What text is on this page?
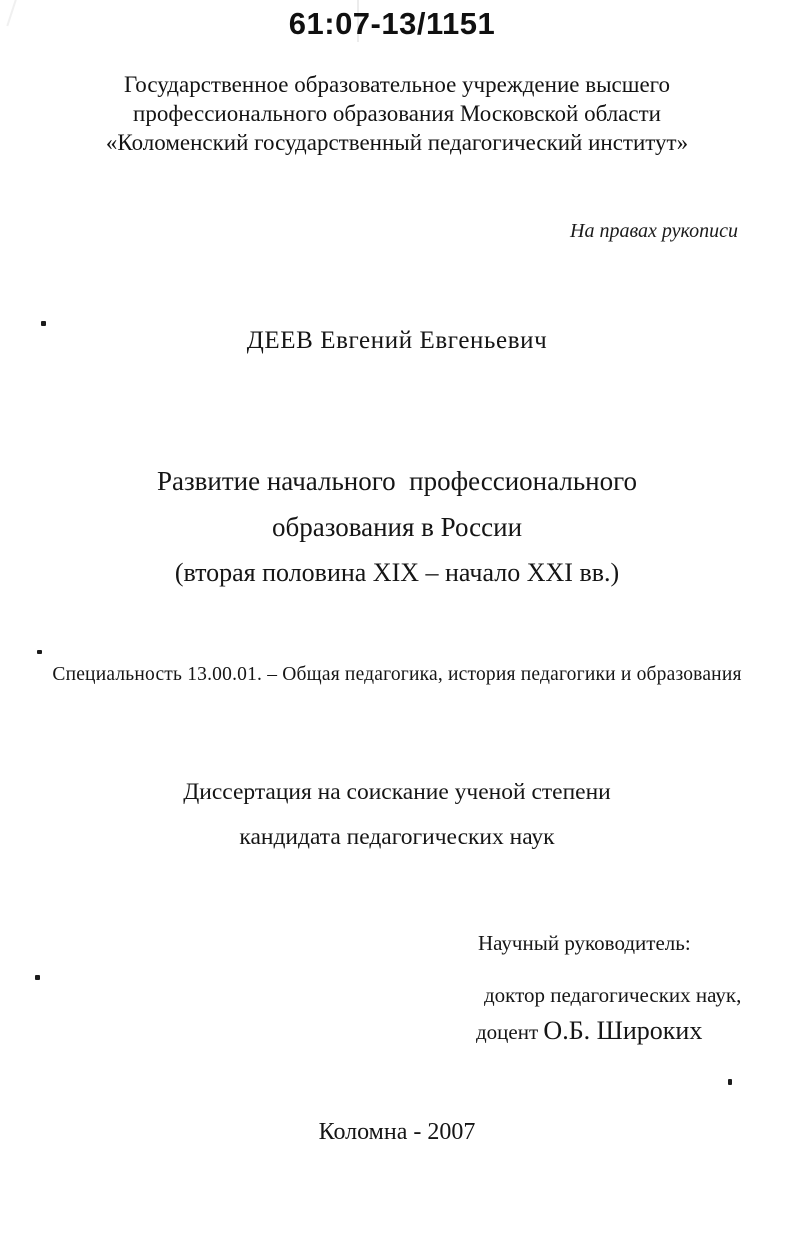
61:07-13/1151
Государственное образовательное учреждение высшего
профессионального образования Московской области
«Коломенский государственный педагогический институт»
На правах рукописи
ДЕЕВ Евгений Евгеньевич
Развитие начального  профессионального
образования в России
(вторая половина XIX – начало XXI вв.)
Специальность 13.00.01. – Общая педагогика, история педагогики и образования
Диссертация на соискание ученой степени
кандидата педагогических наук
Научный руководитель:
доктор педагогических наук,
доцент О.Б. Широких
Коломна - 2007
